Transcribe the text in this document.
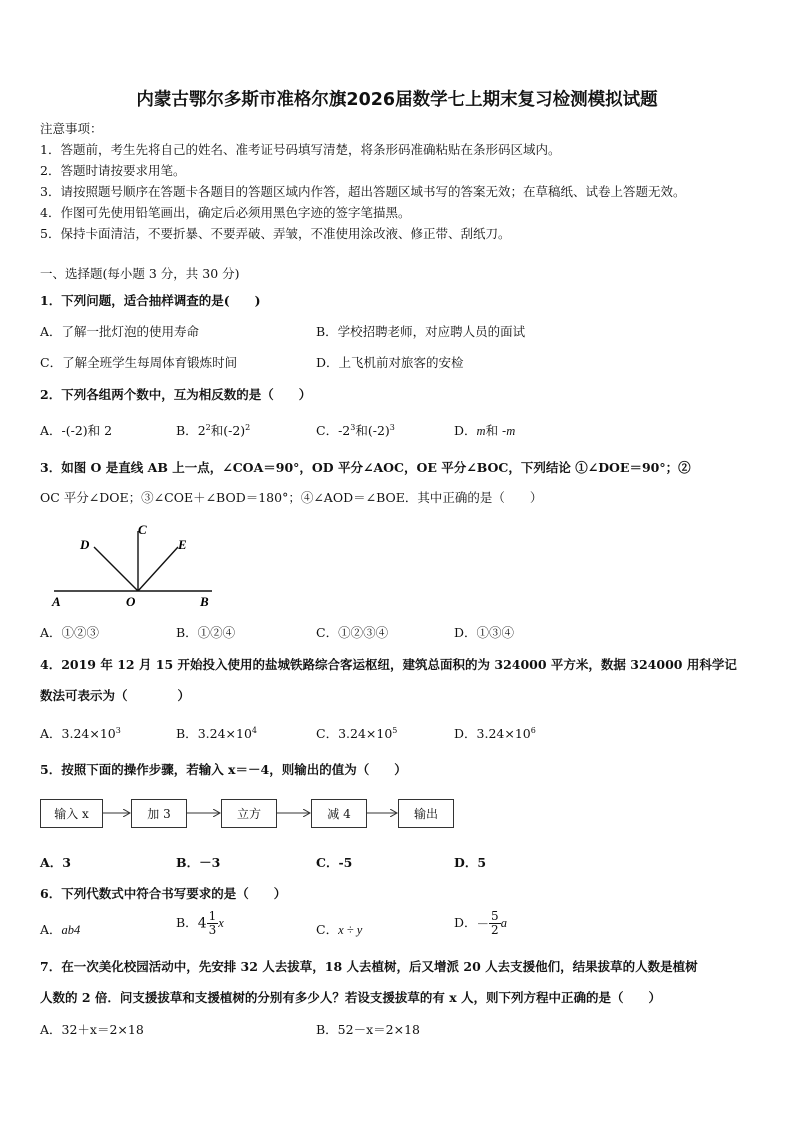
内蒙古鄂尔多斯市准格尔旗2026届数学七上期末复习检测模拟试题
注意事项：
1．答题前，考生先将自己的姓名、准考证号码填写清楚，将条形码准确粘贴在条形码区域内。
2．答题时请按要求用笔。
3．请按照题号顺序在答题卡各题目的答题区域内作答，超出答题区域书写的答案无效；在草稿纸、试卷上答题无效。
4．作图可先使用铅笔画出，确定后必须用黑色字迹的签字笔描黑。
5．保持卡面清洁，不要折暴、不要弄破、弄皱，不准使用涂改液、修正带、刮纸刀。
一、选择题(每小题 3 分，共 30 分)
1．下列问题，适合抽样调查的是(　　)
A．了解一批灯泡的使用寿命	B．学校招聘老师，对应聘人员的面试
C．了解全班学生每周体育锻炼时间	D．上飞机前对旅客的安检
2．下列各组两个数中，互为相反数的是（　　）
A．-(-2)和 2	B．$2^2$和$(-2)^2$	C．$-2^3$和$(-2)^3$	D．m和 -m
3．如图 O 是直线 AB 上一点，∠COA＝90°，OD 平分∠AOC，OE 平分∠BOC，下列结论 ①∠DOE＝90°；②
OC 平分∠DOE；③∠COE＋∠BOD＝180°；④∠AOD＝∠BOE．其中正确的是（　　）
A	B
O
C
D	E
A．①②③	B．①②④	C．①②③④	D．①③④
4．2019 年 12 月 15 开始投入使用的盐城铁路综合客运枢纽，建筑总面积的为 324000 平方米，数据 324000 用科学记
数法可表示为（　　　　）
A．$3.24\times 10^3$	B．$3.24\times 10^4$	C．$3.24\times 10^5$	D．$3.24\times 10^6$
5．按照下面的操作步骤，若输入 x＝－4，则输出的值为（　　）
输入 x	加 3	立方	减 4	输出
A．3	B．－3	C．-5	D．5
6．下列代数式中符合书写要求的是（　　）
A．ab4	B．$4 \frac{1}{3}$ x	C．x ÷ y	D．－ $\frac{5}{2}$ a
7．在一次美化校园活动中，先安排 32 人去拔草，18 人去植树，后又增派 20 人去支援他们，结果拔草的人数是植树
人数的 2 倍．问支援拔草和支援植树的分别有多少人？若设支援拔草的有 x 人，则下列方程中正确的是（　　）
A．32＋x＝2×18	B．52－x＝2×18
